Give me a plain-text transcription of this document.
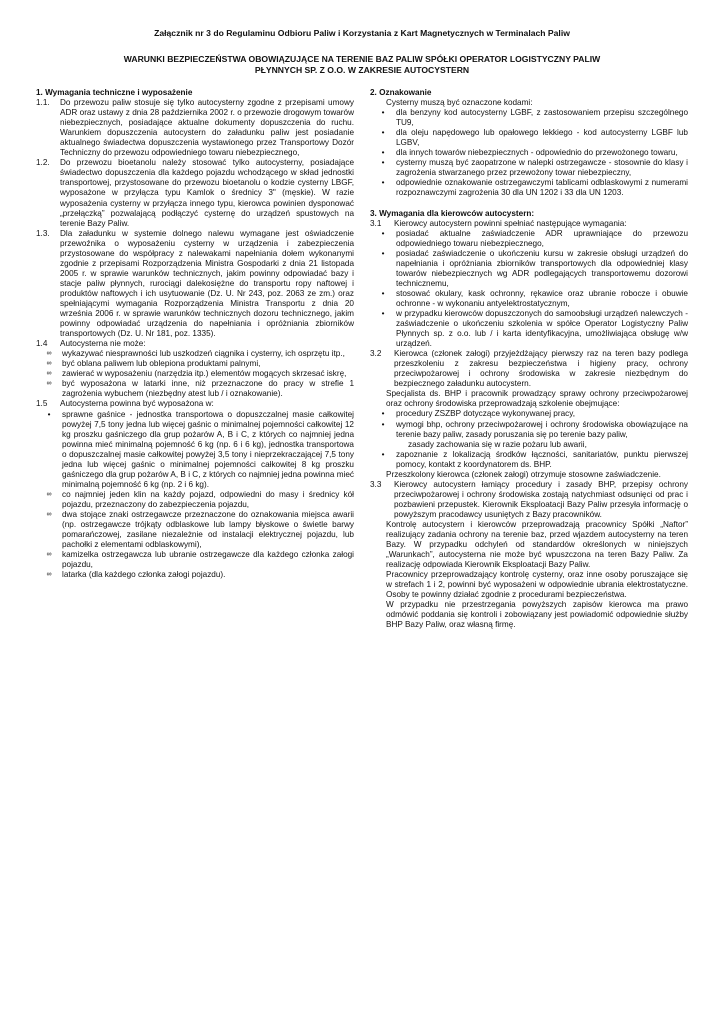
Załącznik nr 3 do Regulaminu Odbioru Paliw i Korzystania z Kart Magnetycznych w Terminalach Paliw

WARUNKI BEZPIECZEŃSTWA OBOWIĄZUJĄCE NA TERENIE BAZ PALIW SPÓŁKI OPERATOR LOGISTYCZNY PALIW
PŁYNNYCH SP. Z O.O. W ZAKRESIE AUTOCYSTERN

1. Wymagania techniczne i wyposażenie

1.1.	Do przewozu paliw stosuje się tylko autocysterny zgodne z przepisami umowy ADR oraz ustawy z dnia 28 października 2002 r. o przewozie drogowym towarów niebezpiecznych, posiadające aktualne dokumenty dopuszczenia do ruchu. Warunkiem dopuszczenia autocystern do załadunku paliw jest posiadanie aktualnego świadectwa dopuszczenia wystawionego przez Transportowy Dozór Techniczny do przewozu odpowiedniego towaru niebezpiecznego,
1.2.	Do przewozu bioetanolu należy stosować tylko autocysterny, posiadające świadectwo dopuszczenia dla każdego pojazdu wchodzącego w skład jednostki transportowej, przystosowane do przewozu bioetanolu o kodzie cysterny LBGF, wyposażone w przyłącza typu Kamlok o średnicy 3" (męskie). W razie wyposażenia cysterny w przyłącza innego typu, kierowca powinien dysponować „przełączką” pozwalającą podłączyć cysternę do urządzeń spustowych na terenie Bazy Paliw.
1.3.	Dla załadunku w systemie dolnego nalewu wymagane jest oświadczenie przewoźnika o wyposażeniu cysterny w urządzenia i zabezpieczenia przystosowane do współpracy z nalewakami napełniania dołem wykonanymi zgodnie z przepisami Rozporządzenia Ministra Gospodarki z dnia 21 listopada 2005 r. w sprawie warunków technicznych, jakim powinny odpowiadać bazy i stacje paliw płynnych, rurociągi dalekosiężne do transportu ropy naftowej i produktów naftowych i ich usytuowanie (Dz. U. Nr 243, poz. 2063 ze zm.) oraz spełniającymi wymagania Rozporządzenia Ministra Transportu z dnia 20 września 2006 r. w sprawie warunków technicznych dozoru technicznego, jakim powinny odpowiadać urządzenia do napełniania i opróżniania zbiorników transportowych (Dz. U. Nr 181, poz. 1335).
1.4	Autocysterna nie może:
∞	wykazywać niesprawności lub uszkodzeń ciągnika i cysterny, ich osprzętu itp.,
∞	być oblana paliwem lub oblepiona produktami palnymi,
∞	zawierać w wyposażeniu (narzędzia itp.) elementów mogących skrzesać iskrę,
∞	być wyposażona w latarki inne, niż przeznaczone do pracy w strefie 1 zagrożenia wybuchem (niezbędny atest lub / i oznakowanie).
1.5	Autocysterna powinna być wyposażona w:
•	sprawne gaśnice - jednostka transportowa o dopuszczalnej masie całkowitej powyżej 7,5 tony jedna lub więcej gaśnic o minimalnej pojemności całkowitej 12 kg proszku gaśniczego dla grup pożarów A, B i C, z których co najmniej jedna powinna mieć minimalną pojemność 6 kg (np. 6 i 6 kg), jednostka transportowa o dopuszczalnej masie całkowitej powyżej 3,5 tony i nieprzekraczającej 7,5 tony jedna lub więcej gaśnic o minimalnej pojemności całkowitej 8 kg proszku gaśniczego dla grup pożarów A, B i C, z których co najmniej jedna powinna mieć minimalną pojemność 6 kg (np. 2 i 6 kg).
∞	co najmniej jeden klin na każdy pojazd, odpowiedni do masy i średnicy kół pojazdu, przeznaczony do zabezpieczenia pojazdu,
∞	dwa stojące znaki ostrzegawcze przeznaczone do oznakowania miejsca awarii (np. ostrzegawcze trójkąty odblaskowe lub lampy błyskowe o świetle barwy pomarańczowej, zasilane niezależnie od instalacji elektrycznej pojazdu, lub pachołki z elementami odblaskowymi),
∞	kamizelka ostrzegawcza lub ubranie ostrzegawcze dla każdego członka załogi pojazdu,
∞	latarka (dla każdego członka załogi pojazdu).

2. Oznakowanie

Cysterny muszą być oznaczone kodami:

•	dla benzyny kod autocysterny LGBF, z zastosowaniem przepisu szczególnego TU9,
•	dla oleju napędowego lub opałowego lekkiego - kod autocysterny LGBF lub LGBV,
•	dla innych towarów niebezpiecznych - odpowiednio do przewożonego towaru,
•	cysterny muszą być zaopatrzone w nalepki ostrzegawcze - stosownie do klasy i zagrożenia stwarzanego przez przewożony towar niebezpieczny,
•	odpowiednie oznakowanie ostrzegawczymi tablicami odblaskowymi z numerami rozpoznawczymi zagrożenia 30 dla UN 1202 i 33 dla UN 1203.

3. Wymagania dla kierowców autocystern:

3.1	Kierowcy autocystern powinni spełniać następujące wymagania:
•	posiadać aktualne zaświadczenie ADR uprawniające do przewozu odpowiedniego towaru niebezpiecznego,
•	posiadać zaświadczenie o ukończeniu kursu w zakresie obsługi urządzeń do napełniania i opróżniania zbiorników transportowych dla odpowiedniej klasy towarów niebezpiecznych wg ADR podlegających transportowemu dozorowi technicznemu,
•	stosować okulary, kask ochronny, rękawice oraz ubranie robocze i obuwie ochronne - w wykonaniu antyelektrostatycznym,
•	w przypadku kierowców dopuszczonych do samoobsługi urządzeń nalewczych - zaświadczenie o ukończeniu szkolenia w spółce Operator Logistyczny Paliw Płynnych sp. z o.o. lub / i karta identyfikacyjna, umożliwiająca obsługę w/w urządzeń.
3.2	Kierowca (członek załogi) przyjeżdżający pierwszy raz na teren bazy podlega przeszkoleniu z zakresu bezpieczeństwa i higieny pracy, ochrony przeciwpożarowej i ochrony środowiska w zakresie niezbędnym do bezpiecznego załadunku autocystern.

Specjalista ds. BHP i pracownik prowadzący sprawy ochrony przeciwpożarowej oraz ochrony środowiska przeprowadzają szkolenie obejmujące:

•	procedury ZSZBP dotyczące wykonywanej pracy,
•	wymogi bhp, ochrony przeciwpożarowej i ochrony środowiska obowiązujące na terenie bazy paliw, zasady poruszania się po terenie bazy paliw,
zasady zachowania się w razie pożaru lub awarii,
•	zapoznanie z lokalizacją środków łączności, sanitariatów, punktu pierwszej pomocy, kontakt z koordynatorem ds. BHP.

Przeszkolony kierowca (członek załogi) otrzymuje stosowne zaświadczenie.

3.3	Kierowcy autocystern łamiący procedury i zasady BHP, przepisy ochrony przeciwpożarowej i ochrony środowiska zostają natychmiast odsunięci od prac i pozbawieni przepustek. Kierownik Eksploatacji Bazy Paliw przesyła informację o powyższym pracodawcy usuniętych z Bazy pracowników.

Kontrolę autocystern i kierowców przeprowadzają pracownicy Spółki „Naftor” realizujący zadania ochrony na terenie baz, przed wjazdem autocysterny na teren Bazy. W przypadku odchyleń od standardów określonych w niniejszych „Warunkach”, autocysterna nie może być wpuszczona na teren Bazy Paliw. Za realizację odpowiada Kierownik Eksploatacji Bazy Paliw.

Pracownicy przeprowadzający kontrolę cysterny, oraz inne osoby poruszające się w strefach 1 i 2, powinni być wyposażeni w odpowiednie ubrania elektrostatyczne. Osoby te powinny działać zgodnie z procedurami bezpieczeństwa.

W przypadku nie przestrzegania powyższych zapisów kierowca ma prawo odmówić poddania się kontroli i zobowiązany jest powiadomić odpowiednie służby BHP Bazy Paliw, oraz własną firmę.
